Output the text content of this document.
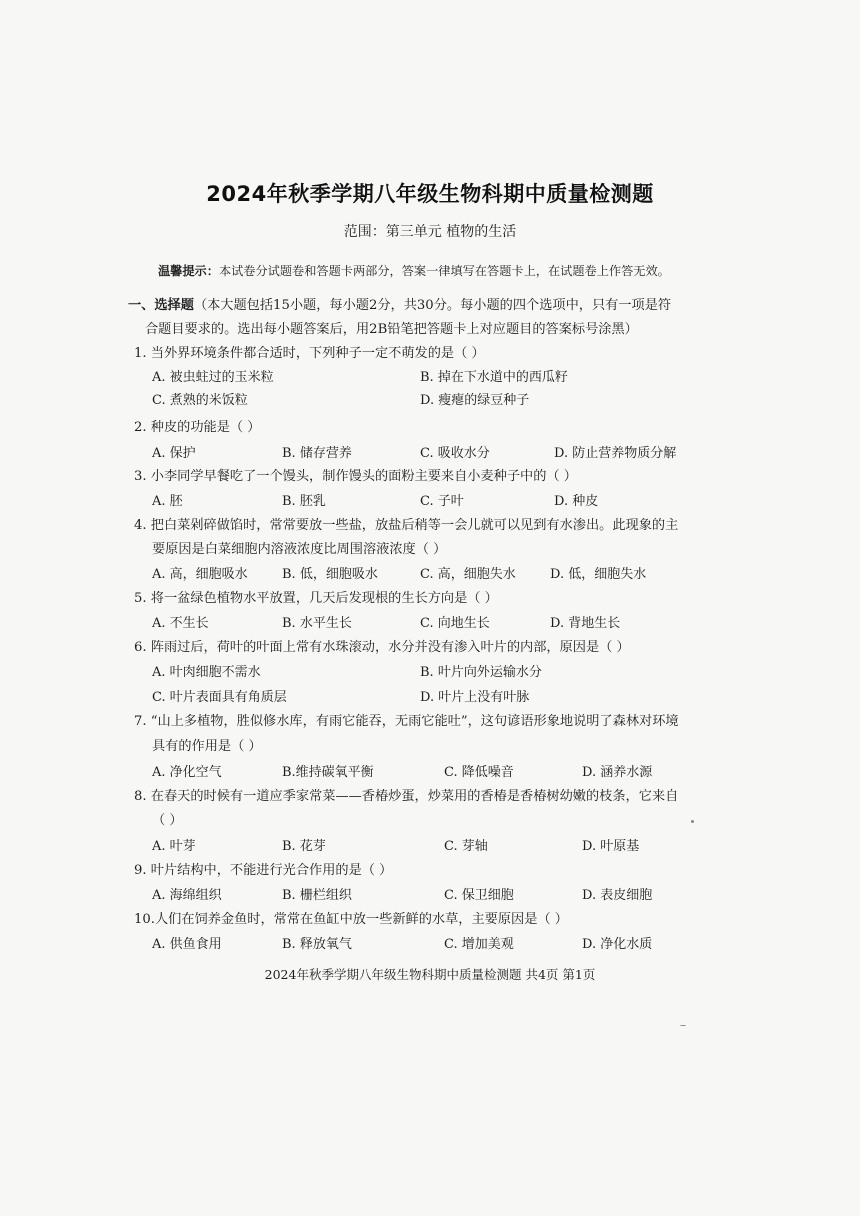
2024年秋季学期八年级生物科期中质量检测题
范围：第三单元 植物的生活
温馨提示：本试卷分试题卷和答题卡两部分，答案一律填写在答题卡上，在试题卷上作答无效。
一、选择题（本大题包括15小题，每小题2分，共30分。每小题的四个选项中，只有一项是符
合题目要求的。选出每小题答案后，用2B铅笔把答题卡上对应题目的答案标号涂黑）
1. 当外界环境条件都合适时，下列种子一定不萌发的是（ ）
A. 被虫蛀过的玉米粒	B. 掉在下水道中的西瓜籽
C. 煮熟的米饭粒	D. 瘦瘪的绿豆种子
2. 种皮的功能是（ ）
A. 保护	B. 储存营养	C. 吸收水分	D. 防止营养物质分解
3. 小李同学早餐吃了一个馒头，制作馒头的面粉主要来自小麦种子中的（ ）
A. 胚	B. 胚乳	C. 子叶	D. 种皮
4. 把白菜剁碎做馅时，常常要放一些盐，放盐后稍等一会儿就可以见到有水渗出。此现象的主
要原因是白菜细胞内溶液浓度比周围溶液浓度（ ）
A. 高，细胞吸水	B. 低，细胞吸水	C. 高，细胞失水	D. 低，细胞失水
5. 将一盆绿色植物水平放置，几天后发现根的生长方向是（ ）
A. 不生长	B. 水平生长	C. 向地生长	D. 背地生长
6. 阵雨过后，荷叶的叶面上常有水珠滚动，水分并没有渗入叶片的内部，原因是（ ）
A. 叶肉细胞不需水	B. 叶片向外运输水分
C. 叶片表面具有角质层	D. 叶片上没有叶脉
7. “山上多植物，胜似修水库，有雨它能吞，无雨它能吐”，这句谚语形象地说明了森林对环境
具有的作用是（ ）
A. 净化空气	B.维持碳氧平衡	C. 降低噪音	D. 涵养水源
8. 在春天的时候有一道应季家常菜——香椿炒蛋，炒菜用的香椿是香椿树幼嫩的枝条，它来自
（ ）
A. 叶芽	B. 花芽	C. 芽轴	D. 叶原基
9. 叶片结构中，不能进行光合作用的是（ ）
A. 海绵组织	B. 栅栏组织	C. 保卫细胞	D. 表皮细胞
10.人们在饲养金鱼时，常常在鱼缸中放一些新鲜的水草，主要原因是（ ）
A. 供鱼食用	B. 释放氧气	C. 增加美观	D. 净化水质
2024年秋季学期八年级生物科期中质量检测题 共4页 第1页
